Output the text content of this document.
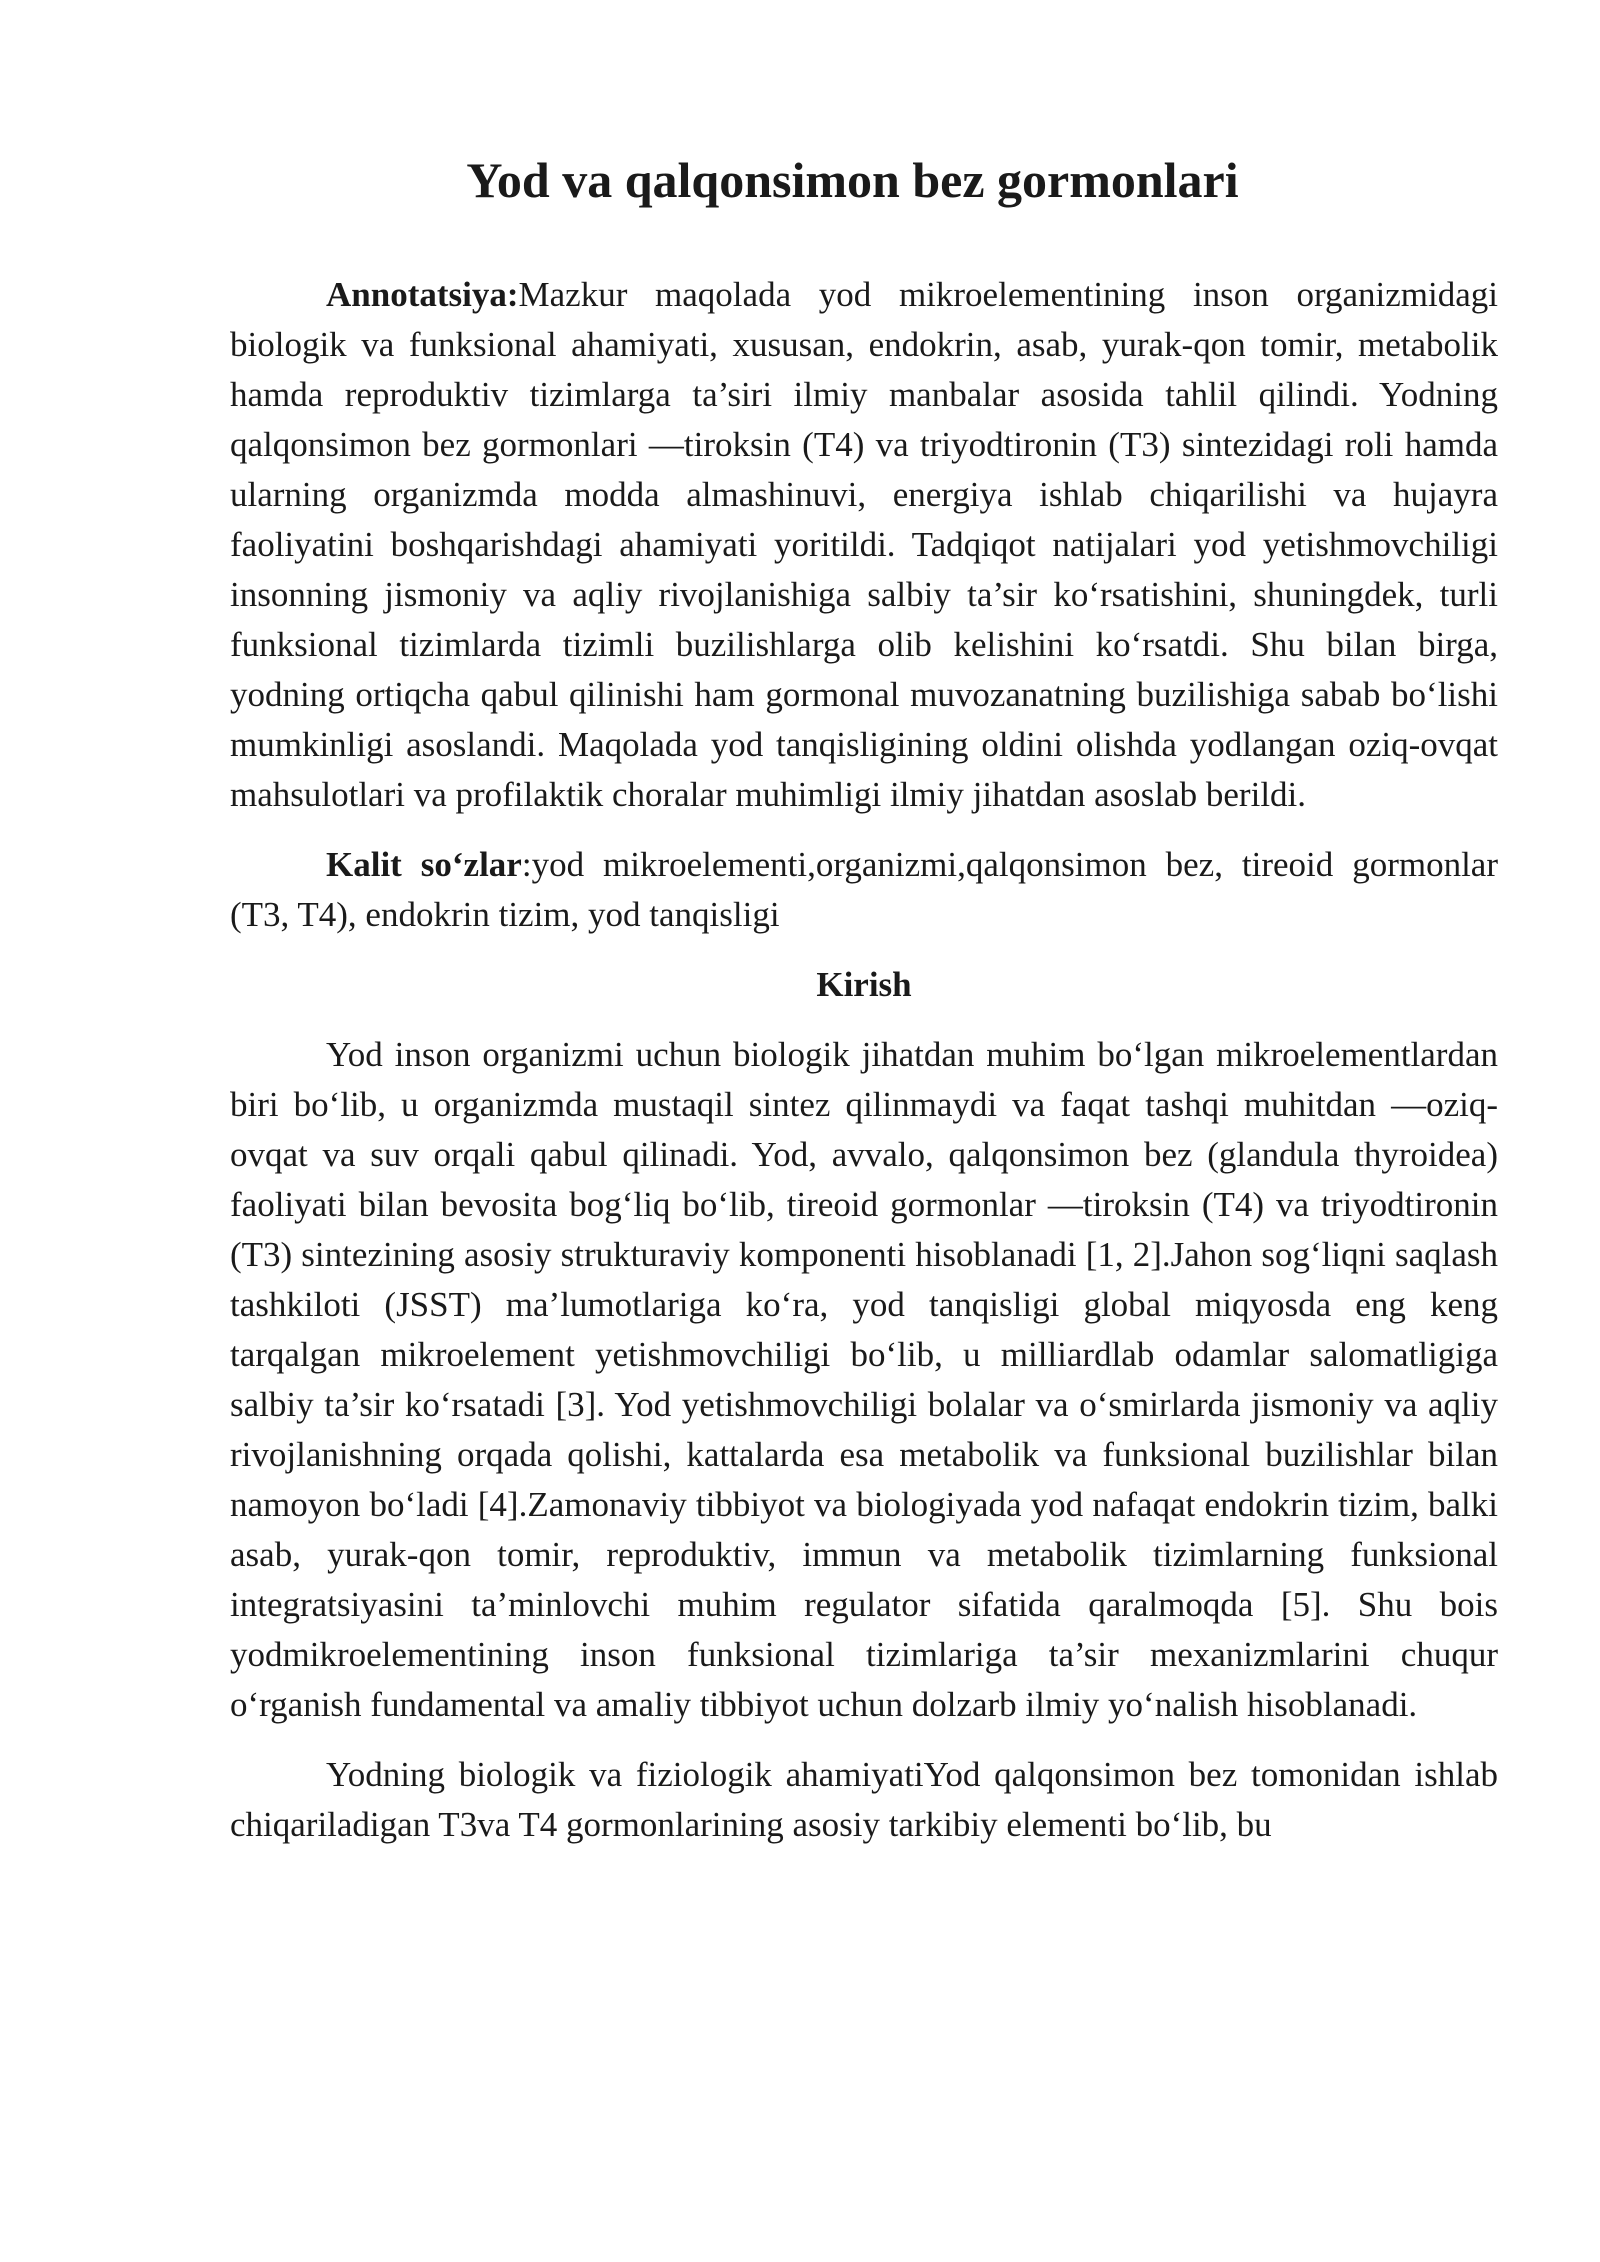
Yod va qalqonsimon bez gormonlari

Annotatsiya:Mazkur maqolada yod mikroelementining inson organizmidagi biologik va funksional ahamiyati, xususan, endokrin, asab, yurak-qon tomir, metabolik hamda reproduktiv tizimlarga ta’siri ilmiy manbalar asosida tahlil qilindi. Yodning qalqonsimon bez gormonlari —tiroksin (T4) va triyodtironin (T3) sintezidagi roli hamda ularning organizmda modda almashinuvi, energiya ishlab chiqarilishi va hujayra faoliyatini boshqarishdagi ahamiyati yoritildi. Tadqiqot natijalari yod yetishmovchiligi insonning jismoniy va aqliy rivojlanishiga salbiy ta’sir ko‘rsatishini, shuningdek, turli funksional tizimlarda tizimli buzilishlarga olib kelishini ko‘rsatdi. Shu bilan birga, yodning ortiqcha qabul qilinishi ham gormonal muvozanatning buzilishiga sabab bo‘lishi mumkinligi asoslandi. Maqolada yod tanqisligining oldini olishda yodlangan oziq-ovqat mahsulotlari va profilaktik choralar muhimligi ilmiy jihatdan asoslab berildi.

Kalit so‘zlar:yod mikroelementi,organizmi,qalqonsimon bez, tireoid gormonlar (T3, T4), endokrin tizim, yod tanqisligi

Kirish

Yod inson organizmi uchun biologik jihatdan muhim bo‘lgan mikroelementlardan biri bo‘lib, u organizmda mustaqil sintez qilinmaydi va faqat tashqi muhitdan —oziq-ovqat va suv orqali qabul qilinadi. Yod, avvalo, qalqonsimon bez (glandula thyroidea) faoliyati bilan bevosita bog‘liq bo‘lib, tireoid gormonlar —tiroksin (T4) va triyodtironin (T3) sintezining asosiy strukturaviy komponenti hisoblanadi [1, 2].Jahon sog‘liqni saqlash tashkiloti (JSST) ma’lumotlariga ko‘ra, yod tanqisligi global miqyosda eng keng tarqalgan mikroelement yetishmovchiligi bo‘lib, u milliardlab odamlar salomatligiga salbiy ta’sir ko‘rsatadi [3]. Yod yetishmovchiligi bolalar va o‘smirlarda jismoniy va aqliy rivojlanishning orqada qolishi, kattalarda esa metabolik va funksional buzilishlar bilan namoyon bo‘ladi [4].Zamonaviy tibbiyot va biologiyada yod nafaqat endokrin tizim, balki asab, yurak-qon tomir, reproduktiv, immun va metabolik tizimlarning funksional integratsiyasini ta’minlovchi muhim regulator sifatida qaralmoqda [5]. Shu bois yodmikroelementining inson funksional tizimlariga ta’sir mexanizmlarini chuqur o‘rganish fundamental va amaliy tibbiyot uchun dolzarb ilmiy yo‘nalish hisoblanadi.

Yodning biologik va fiziologik ahamiyatiYod qalqonsimon bez tomonidan ishlab chiqariladigan T3va T4 gormonlarining asosiy tarkibiy elementi bo‘lib, bu
